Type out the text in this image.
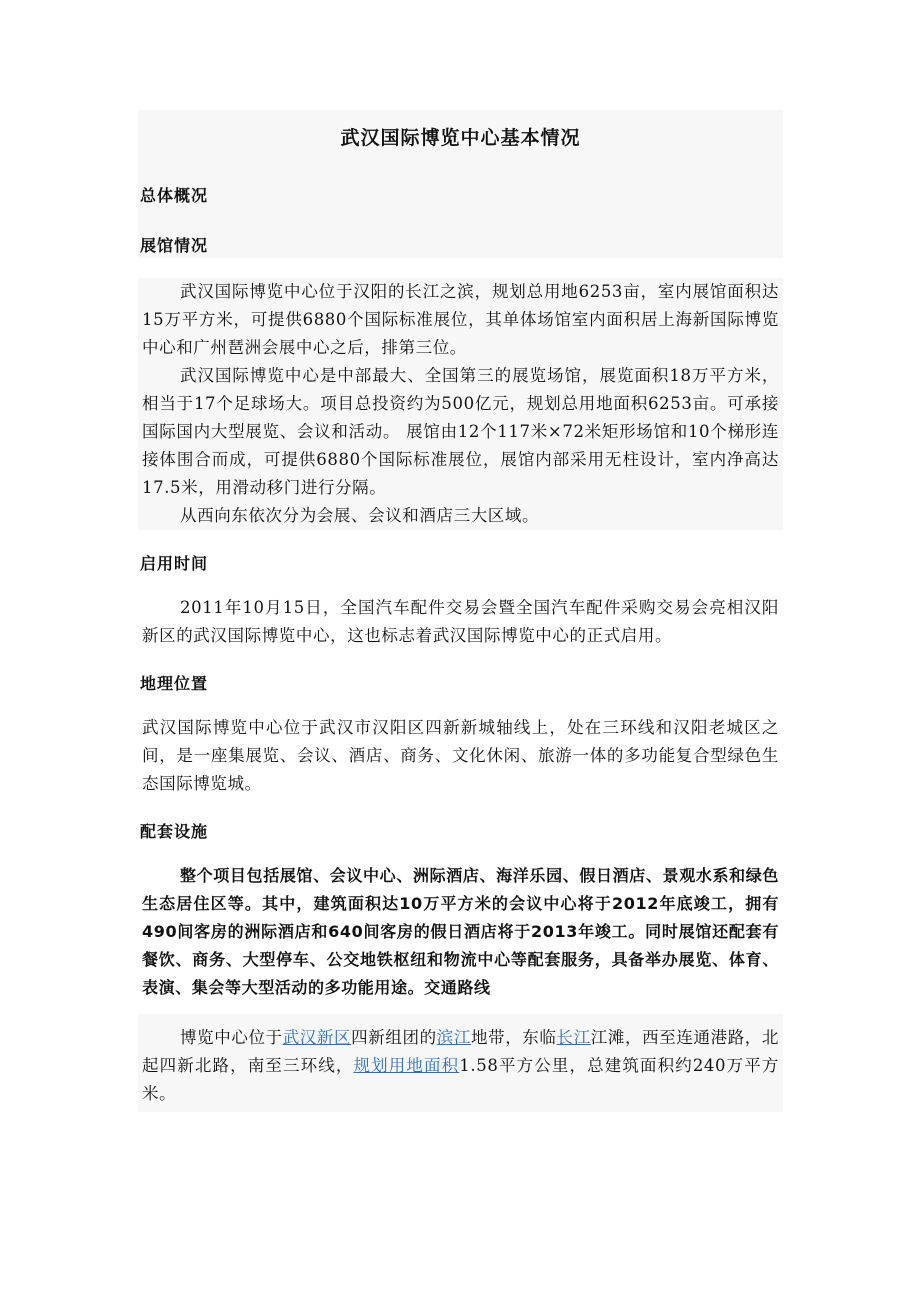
武汉国际博览中心基本情况
总体概况
展馆情况

武汉国际博览中心位于汉阳的长江之滨，规划总用地6253亩，室内展馆面积达15万平方米，可提供6880个国际标准展位，其单体场馆室内面积居上海新国际博览中心和广州琶洲会展中心之后，排第三位。

武汉国际博览中心是中部最大、全国第三的展览场馆，展览面积18万平方米，相当于17个足球场大。项目总投资约为500亿元，规划总用地面积6253亩。可承接国际国内大型展览、会议和活动。 展馆由12个117米×72米矩形场馆和10个梯形连接体围合而成，可提供6880个国际标准展位，展馆内部采用无柱设计，室内净高达17.5米，用滑动移门进行分隔。

从西向东依次分为会展、会议和酒店三大区域。

启用时间

2011年10月15日，全国汽车配件交易会暨全国汽车配件采购交易会亮相汉阳新区的武汉国际博览中心，这也标志着武汉国际博览中心的正式启用。

地理位置

武汉国际博览中心位于武汉市汉阳区四新新城轴线上，处在三环线和汉阳老城区之间，是一座集展览、会议、酒店、商务、文化休闲、旅游一体的多功能复合型绿色生态国际博览城。

配套设施

整个项目包括展馆、会议中心、洲际酒店、海洋乐园、假日酒店、景观水系和绿色生态居住区等。其中，建筑面积达10万平方米的会议中心将于2012年底竣工，拥有490间客房的洲际酒店和640间客房的假日酒店将于2013年竣工。同时展馆还配套有餐饮、商务、大型停车、公交地铁枢纽和物流中心等配套服务，具备举办展览、体育、表演、集会等大型活动的多功能用途。交通路线

博览中心位于武汉新区四新组团的滨江地带，东临长江江滩，西至连通港路，北起四新北路，南至三环线，规划用地面积1.58平方公里，总建筑面积约240万平方米。
